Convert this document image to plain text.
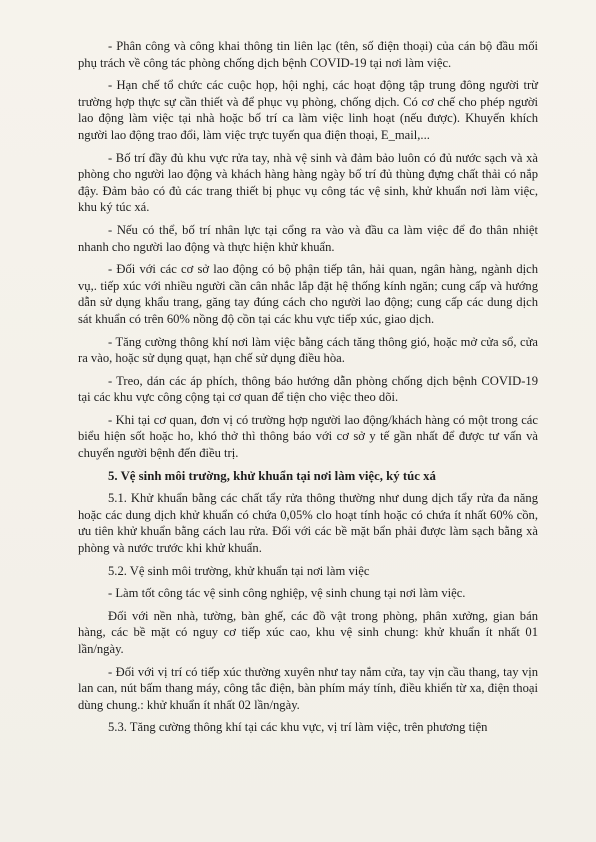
- Phân công và công khai thông tin liên lạc (tên, số điện thoại) của cán bộ đầu mối phụ trách về công tác phòng chống dịch bệnh COVID-19 tại nơi làm việc.

- Hạn chế tổ chức các cuộc họp, hội nghị, các hoạt động tập trung đông người trừ trường hợp thực sự cần thiết và để phục vụ phòng, chống dịch. Có cơ chế cho phép người lao động làm việc tại nhà hoặc bố trí ca làm việc linh hoạt (nếu được). Khuyến khích người lao động trao đổi, làm việc trực tuyến qua điện thoại, E_mail,...

- Bố trí đầy đủ khu vực rửa tay, nhà vệ sinh và đảm bảo luôn có đủ nước sạch và xà phòng cho người lao động và khách hàng hàng ngày bố trí đủ thùng đựng chất thải có nắp đậy. Đảm bảo có đủ các trang thiết bị phục vụ công tác vệ sinh, khử khuẩn nơi làm việc, khu ký túc xá.

- Nếu có thể, bố trí nhân lực tại cổng ra vào và đầu ca làm việc để đo thân nhiệt nhanh cho người lao động và thực hiện khử khuẩn.

- Đối với các cơ sở lao động có bộ phận tiếp tân, hải quan, ngân hàng, ngành dịch vụ,. tiếp xúc với nhiều người cần cân nhắc lắp đặt hệ thống kính ngăn; cung cấp và hướng dẫn sử dụng khẩu trang, găng tay đúng cách cho người lao động; cung cấp các dung dịch sát khuẩn có trên 60% nồng độ cồn tại các khu vực tiếp xúc, giao dịch.

- Tăng cường thông khí nơi làm việc bằng cách tăng thông gió, hoặc mở cửa sổ, cửa ra vào, hoặc sử dụng quạt, hạn chế sử dụng điều hòa.

- Treo, dán các áp phích, thông báo hướng dẫn phòng chống dịch bệnh COVID-19 tại các khu vực công cộng tại cơ quan để tiện cho việc theo dõi.

- Khi tại cơ quan, đơn vị có trường hợp người lao động/khách hàng có một trong các biểu hiện sốt hoặc ho, khó thở thì thông báo với cơ sở y tế gần nhất để được tư vấn và chuyển người bệnh đến điều trị.

5. Vệ sinh môi trường, khử khuẩn tại nơi làm việc, ký túc xá

5.1. Khử khuẩn bằng các chất tẩy rửa thông thường như dung dịch tẩy rửa đa năng hoặc các dung dịch khử khuẩn có chứa 0,05% clo hoạt tính hoặc có chứa ít nhất 60% cồn, ưu tiên khử khuẩn bằng cách lau rửa. Đối với các bề mặt bẩn phải được làm sạch bằng xà phòng và nước trước khi khử khuẩn.

5.2. Vệ sinh môi trường, khử khuẩn tại nơi làm việc

- Làm tốt công tác vệ sinh công nghiệp, vệ sinh chung tại nơi làm việc.

Đối với nền nhà, tường, bàn ghế, các đồ vật trong phòng, phân xưởng, gian bán hàng, các bề mặt có nguy cơ tiếp xúc cao, khu vệ sinh chung: khử khuẩn ít nhất 01 lần/ngày.

- Đối với vị trí có tiếp xúc thường xuyên như tay nắm cửa, tay vịn cầu thang, tay vịn lan can, nút bấm thang máy, công tắc điện, bàn phím máy tính, điều khiển từ xa, điện thoại dùng chung.: khử khuẩn ít nhất 02 lần/ngày.

5.3. Tăng cường thông khí tại các khu vực, vị trí làm việc, trên phương tiện
